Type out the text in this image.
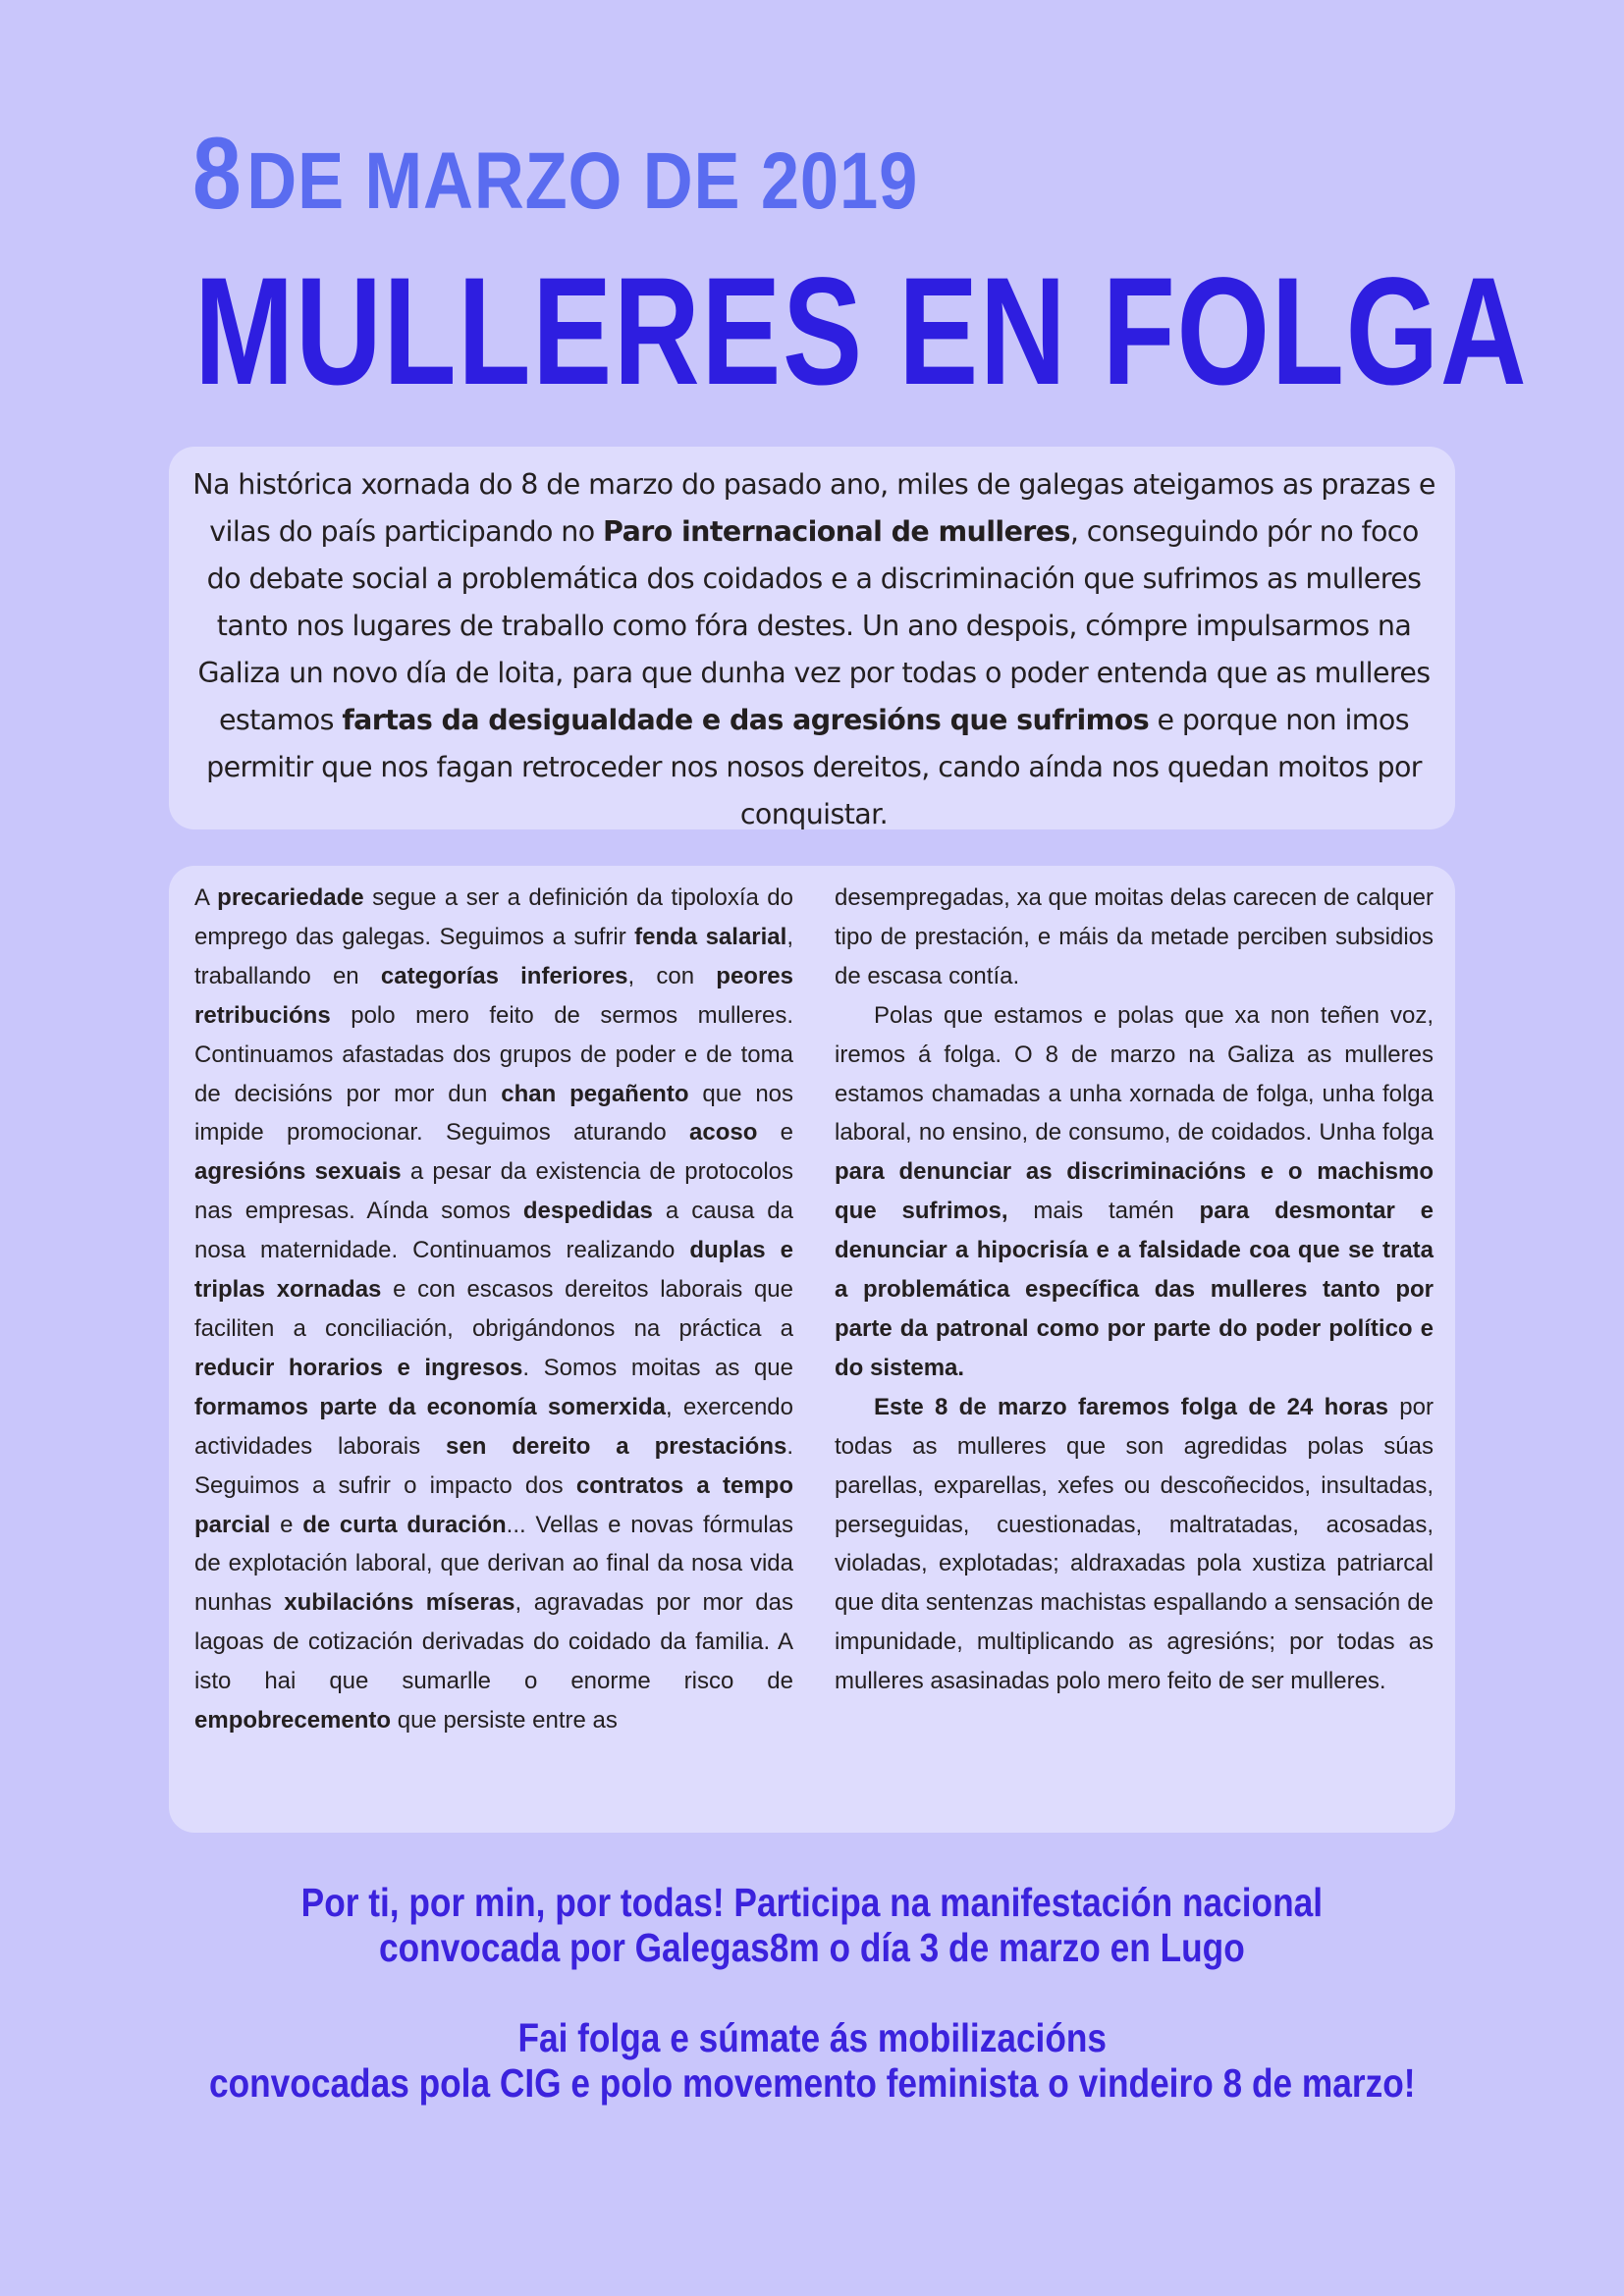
8 DE MARZO DE 2019
MULLERES EN FOLGA
Na histórica xornada do 8 de marzo do pasado ano, miles de galegas ateigamos as prazas e vilas do país participando no Paro internacional de mulleres, conseguindo pór no foco do debate social a problemática dos coidados e a discriminación que sufrimos as mulleres tanto nos lugares de traballo como fóra destes. Un ano despois, cómpre impulsarmos na Galiza un novo día de loita, para que dunha vez por todas o poder entenda que as mulleres estamos fartas da desigualdade e das agresións que sufrimos e porque non imos permitir que nos fagan retroceder nos nosos dereitos, cando aínda nos quedan moitos por conquistar.

A precariedade segue a ser a definición da tipoloxía do emprego das galegas. Seguimos a sufrir fenda salarial, traballando en categorías inferiores, con peores retribucións polo mero feito de sermos mulleres. Continuamos afastadas dos grupos de poder e de toma de decisións por mor dun chan pegañento que nos impide promocionar. Seguimos aturando acoso e agresións sexuais a pesar da existencia de protocolos nas empresas. Aínda somos despedidas a causa da nosa maternidade. Continuamos realizando duplas e triplas xornadas e con escasos dereitos laborais que faciliten a conciliación, obrigándonos na práctica a reducir horarios e ingresos. Somos moitas as que formamos parte da economía somerxida, exercendo actividades laborais sen dereito a prestacións. Seguimos a sufrir o impacto dos contratos a tempo parcial e de curta duración... Vellas e novas fórmulas de explotación laboral, que derivan ao final da nosa vida nunhas xubilacións míseras, agravadas por mor das lagoas de cotización derivadas do coidado da familia. A isto hai que sumarlle o enorme risco de empobrecemento que persiste entre as

desempregadas, xa que moitas delas carecen de calquer tipo de prestación, e máis da metade perciben subsidios de escasa contía.

Polas que estamos e polas que xa non teñen voz, iremos á folga. O 8 de marzo na Galiza as mulleres estamos chamadas a unha xornada de folga, unha folga laboral, no ensino, de consumo, de coidados. Unha folga para denunciar as discriminacións e o machismo que sufrimos, mais tamén para desmontar e denunciar a hipocrisía e a falsidade coa que se trata a problemática específica das mulleres tanto por parte da patronal como por parte do poder político e do sistema.

Este 8 de marzo faremos folga de 24 horas por todas as mulleres que son agredidas polas súas parellas, exparellas, xefes ou descoñecidos, insultadas, perseguidas, cuestionadas, maltratadas, acosadas, violadas, explotadas; aldraxadas pola xustiza patriarcal que dita sentenzas machistas espallando a sensación de impunidade, multiplicando as agresións; por todas as mulleres asasinadas polo mero feito de ser mulleres.

Por ti, por min, por todas! Participa na manifestación nacional
convocada por Galegas8m o día 3 de marzo en Lugo
Fai folga e súmate ás mobilizacións
convocadas pola CIG e polo movemento feminista o vindeiro 8 de marzo!
